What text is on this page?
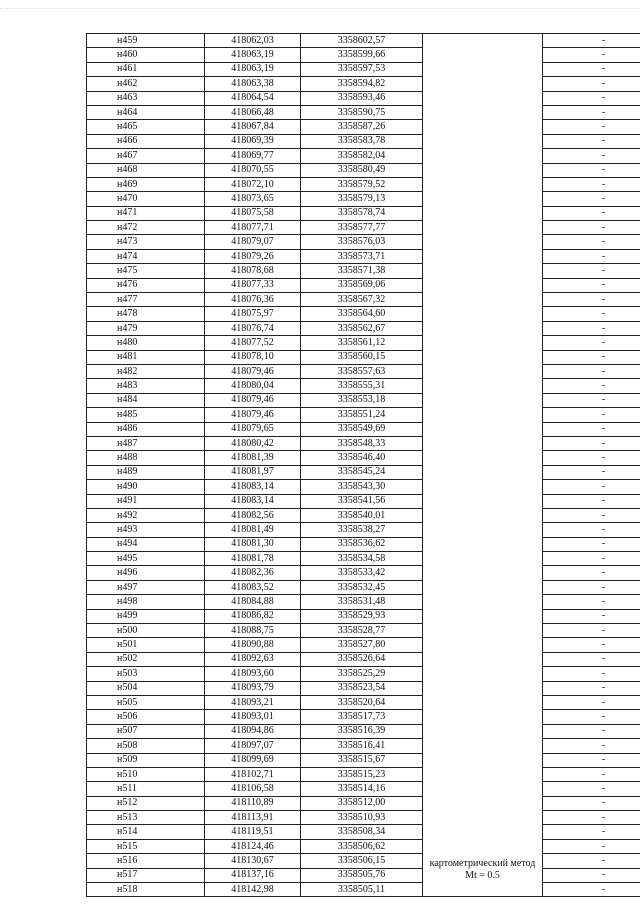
н459	418062,03	3358602,57	картометрический метод Mt = 0.5	-
н460	418063,19	3358599,66		-
н461	418063,19	3358597,53		-
н462	418063,38	3358594,82		-
н463	418064,54	3358593,46		-
н464	418066,48	3358590,75		-
н465	418067,84	3358587,26		-
н466	418069,39	3358583,78		-
н467	418069,77	3358582,04		-
н468	418070,55	3358580,49		-
н469	418072,10	3358579,52		-
н470	418073,65	3358579,13		-
н471	418075,58	3358578,74		-
н472	418077,71	3358577,77		-
н473	418079,07	3358576,03		-
н474	418079,26	3358573,71		-
н475	418078,68	3358571,38		-
н476	418077,33	3358569,06		-
н477	418076,36	3358567,32		-
н478	418075,97	3358564,60		-
н479	418076,74	3358562,67		-
н480	418077,52	3358561,12		-
н481	418078,10	3358560,15		-
н482	418079,46	3358557,63		-
н483	418080,04	3358555,31		-
н484	418079,46	3358553,18		-
н485	418079,46	3358551,24		-
н486	418079,65	3358549,69		-
н487	418080,42	3358548,33		-
н488	418081,39	3358546,40		-
н489	418081,97	3358545,24		-
н490	418083,14	3358543,30		-
н491	418083,14	3358541,56		-
н492	418082,56	3358540,01		-
н493	418081,49	3358538,27		-
н494	418081,30	3358536,62		-
н495	418081,78	3358534,58		-
н496	418082,36	3358533,42		-
н497	418083,52	3358532,45		-
н498	418084,88	3358531,48		-
н499	418086,82	3358529,93		-
н500	418088,75	3358528,77		-
н501	418090,88	3358527,80		-
н502	418092,63	3358526,64		-
н503	418093,60	3358525,29		-
н504	418093,79	3358523,54		-
н505	418093,21	3358520,64		-
н506	418093,01	3358517,73		-
н507	418094,86	3358516,39		-
н508	418097,07	3358516,41		-
н509	418099,69	3358515,67		-
н510	418102,71	3358515,23		-
н511	418106,58	3358514,16		-
н512	418110,89	3358512,00		-
н513	418113,91	3358510,93		-
н514	418119,51	3358508,34		-
н515	418124,46	3358506,62		-
н516	418130,67	3358506,15		-
н517	418137,16	3358505,76		-
н518	418142,98	3358505,11		-
